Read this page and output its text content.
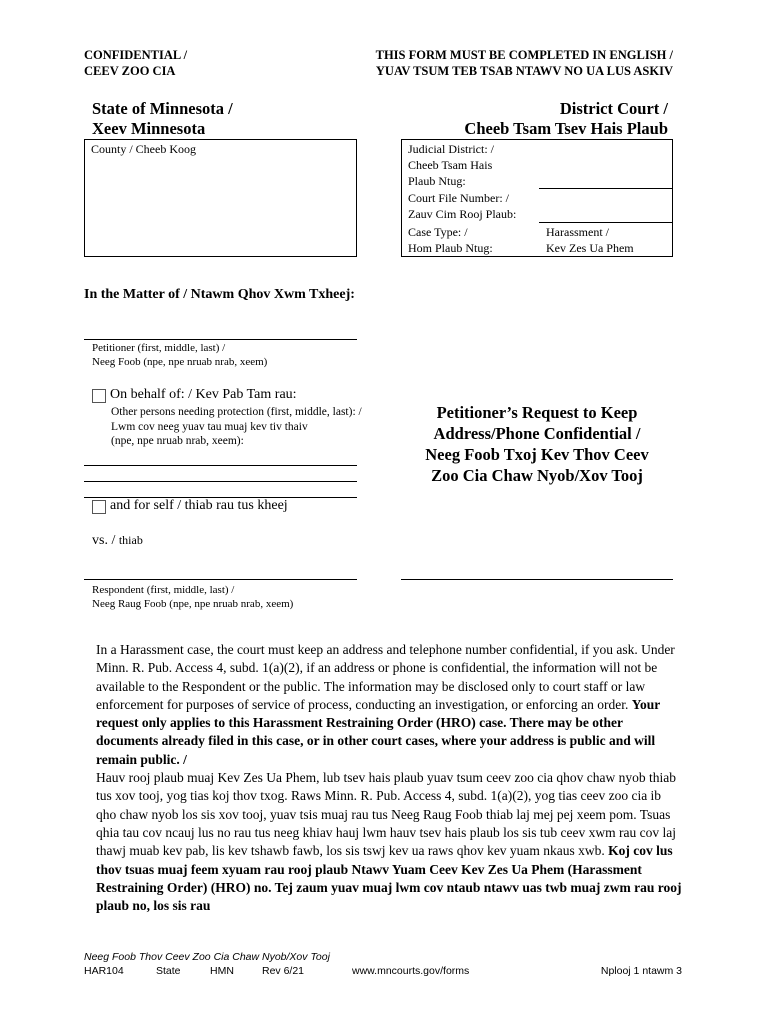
CONFIDENTIAL /
CEEV ZOO CIA
THIS FORM MUST BE COMPLETED IN ENGLISH /
YUAV TSUM TEB TSAB NTAWV NO UA LUS ASKIV
State of Minnesota /
Xeev Minnesota
District Court /
Cheeb Tsam Tsev Hais Plaub
County / Cheeb Koog	Judicial District: /
Cheeb Tsam Hais
Plaub Ntug:
Court File Number: /
Zauv Cim Rooj Plaub:
Case Type: /
Hom Plaub Ntug:
Harassment /
Kev Zes Ua Phem
In the Matter of / Ntawm Qhov Xwm Txheej:
Petitioner (first, middle, last) /
Neeg Foob (npe, npe nruab nrab, xeem)
On behalf of: / Kev Pab Tam rau:
Other persons needing protection (first, middle, last): /
Lwm cov neeg yuav tau muaj kev tiv thaiv
(npe, npe nruab nrab, xeem):
and for self / thiab rau tus kheej
vs. / thiab
Respondent (first, middle, last) /
Neeg Raug Foob (npe, npe nruab nrab, xeem)
Petitioner’s Request to Keep
Address/Phone Confidential /
Neeg Foob Txoj Kev Thov Ceev
Zoo Cia Chaw Nyob/Xov Tooj
In a Harassment case, the court must keep an address and telephone number confidential, if you ask. Under Minn. R. Pub. Access 4, subd. 1(a)(2), if an address or phone is confidential, the information will not be available to the Respondent or the public. The information may be disclosed only to court staff or law enforcement for purposes of service of process, conducting an investigation, or enforcing an order. Your request only applies to this Harassment Restraining Order (HRO) case. There may be other documents already filed in this case, or in other court cases, where your address is public and will remain public. /
Hauv rooj plaub muaj Kev Zes Ua Phem, lub tsev hais plaub yuav tsum ceev zoo cia qhov chaw nyob thiab tus xov tooj, yog tias koj thov txog. Raws Minn. R. Pub. Access 4, subd. 1(a)(2), yog tias ceev zoo cia ib qho chaw nyob los sis xov tooj, yuav tsis muaj rau tus Neeg Raug Foob thiab laj mej pej xeem pom. Tsuas qhia tau cov ncauj lus no rau tus neeg khiav hauj lwm hauv tsev hais plaub los sis tub ceev xwm rau cov laj thawj muab kev pab, lis kev tshawb fawb, los sis tswj kev ua raws qhov kev yuam nkaus xwb. Koj cov lus thov tsuas muaj feem xyuam rau rooj plaub Ntawv Yuam Ceev Kev Zes Ua Phem (Harassment Restraining Order) (HRO) no. Tej zaum yuav muaj lwm cov ntaub ntawv uas twb muaj zwm rau rooj plaub no, los sis rau
Neeg Foob Thov Ceev Zoo Cia Chaw Nyob/Xov Tooj
HAR104	State	HMN	Rev 6/21	www.mncourts.gov/forms	Nplooj 1 ntawm 3
